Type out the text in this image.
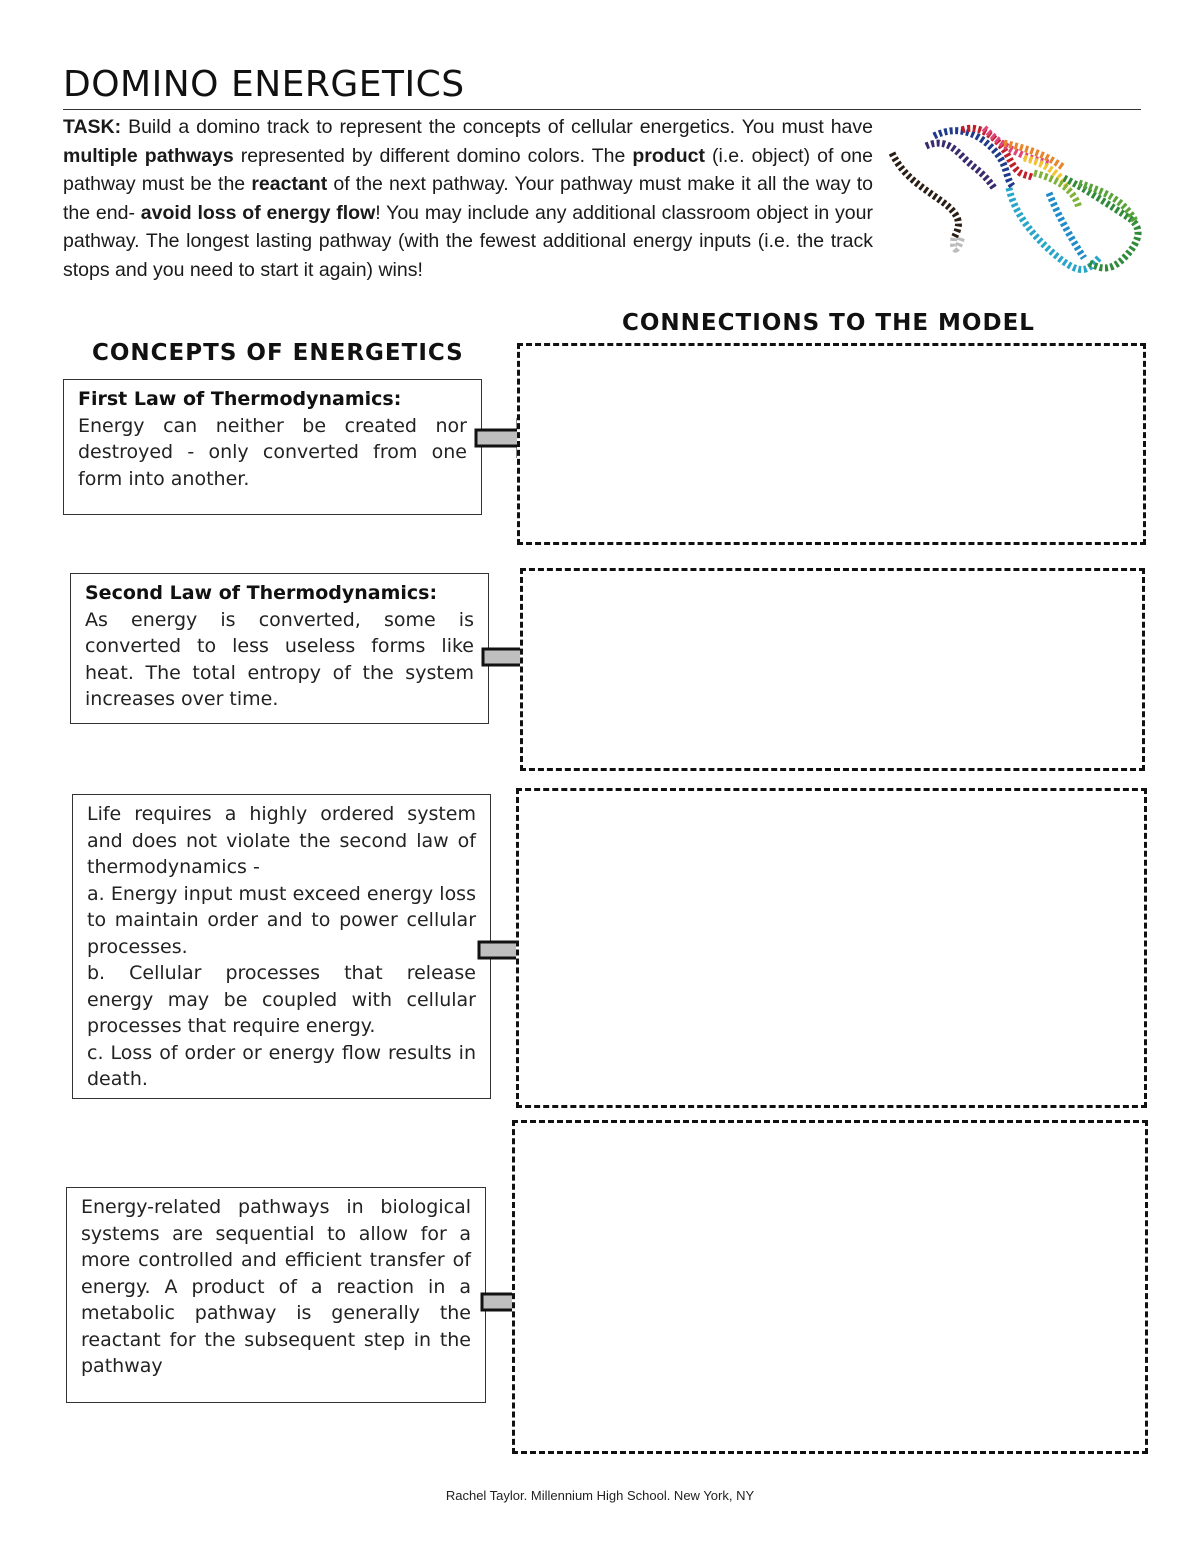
DOMINO ENERGETICS

TASK: Build a domino track to represent the concepts of cellular energetics. You must have multiple pathways represented by different domino colors. The product (i.e. object) of one pathway must be the reactant of the next pathway. Your pathway must make it all the way to the end- avoid loss of energy flow! You may include any additional classroom object in your pathway. The longest lasting pathway (with the fewest additional energy inputs (i.e. the track stops and you need to start it again) wins!

CONCEPTS OF ENERGETICS
CONNECTIONS TO THE MODEL
First Law of Thermodynamics:
Energy can neither be created nor destroyed - only converted from one form into another.
Second Law of Thermodynamics:
As energy is converted, some is converted to less useless forms like heat. The total entropy of the system increases over time.
Life requires a highly ordered system and does not violate the second law of thermodynamics -
a. Energy input must exceed energy loss to maintain order and to power cellular processes.
b. Cellular processes that release energy may be coupled with cellular processes that require energy.
c. Loss of order or energy flow results in death.
Energy-related pathways in biological systems are sequential to allow for a more controlled and efficient transfer of energy. A product of a reaction in a metabolic pathway is generally the reactant for the subsequent step in the pathway

Rachel Taylor. Millennium High School. New York, NY
